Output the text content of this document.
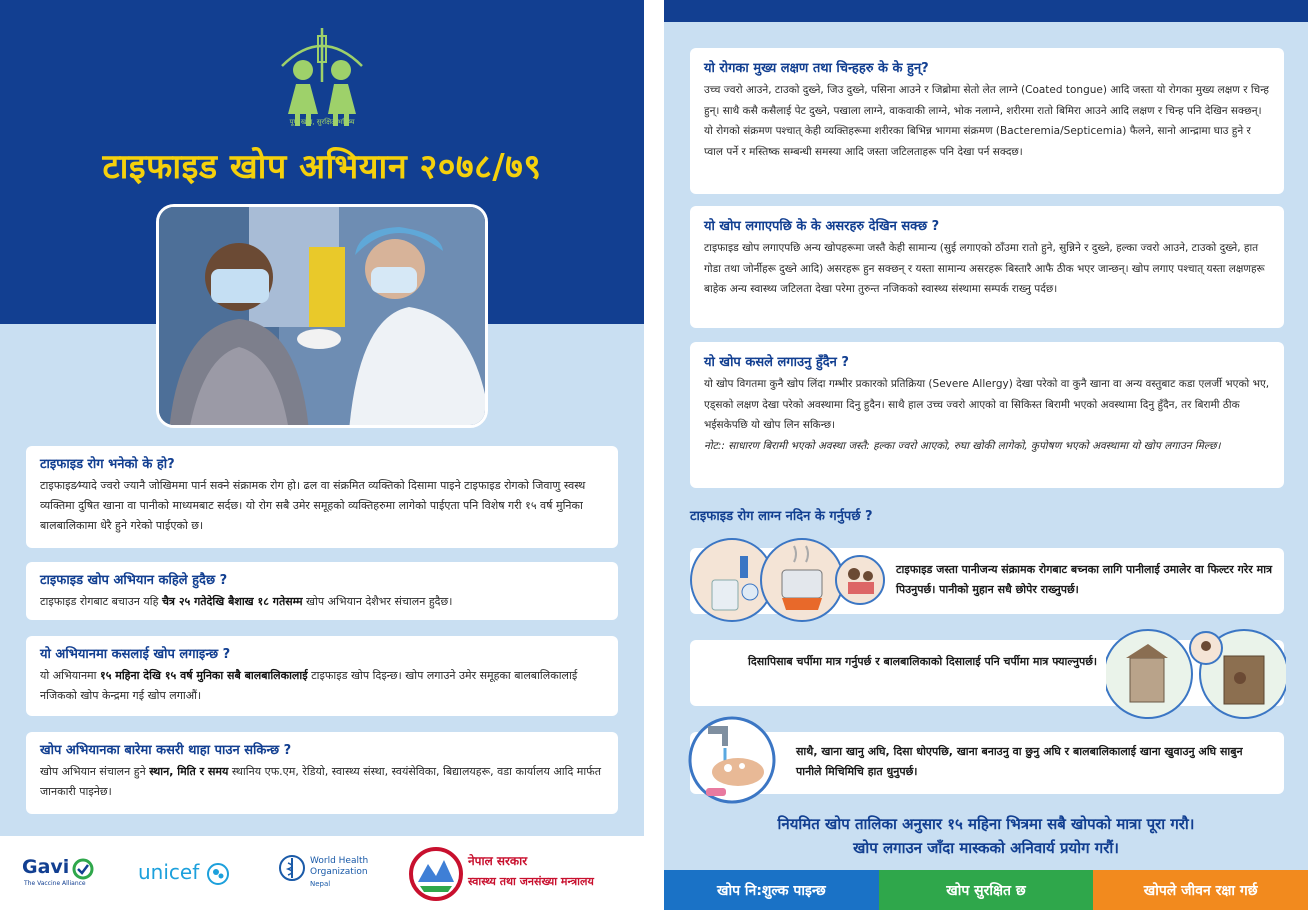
पूर्ण खोप, सुरक्षित भविष्य
टाइफाइड खोप अभियान २०७८/७९
टाइफाइड रोग भनेको के हो?

टाइफाइड⁄म्यादे ज्वरो ज्यानै जोखिममा पार्न सक्ने संक्रामक रोग हो। ढल वा संक्रमित व्यक्तिको दिसामा पाइने टाइफाइड रोगको जिवाणु स्वस्थ व्यक्तिमा दुषित खाना वा पानीको माध्यमबाट सर्दछ। यो रोग सबै उमेर समूहको व्यक्तिहरुमा लागेको पाईएता पनि विशेष गरी १५ वर्ष मुनिका बालबालिकामा धेरै हुने गरेको पाईएको छ।

टाइफाइड खोप अभियान कहिले हुदैछ ?

टाइफाइड रोगबाट बचाउन यहि चैत्र २५ गतेदेखि बैशाख १८ गतेसम्म खोप अभियान देशैभर संचालन हुदैछ।

यो अभियानमा कसलाई खोप लगाइन्छ ?

यो अभियानमा १५ महिना देखि १५ वर्ष मुनिका सबै बालबालिकालाई टाइफाइड खोप दिइन्छ। खोप लगाउने उमेर समूहका बालबालिकालाई नजिकको खोप केन्द्रमा गई खोप लगाऔं।

खोप अभियानका बारेमा कसरी थाहा पाउन सकिन्छ ?

खोप अभियान संचालन हुने स्थान, मिति र समय स्थानिय एफ.एम, रेडियो, स्वास्थ्य संस्था, स्वयंसेविका, बिद्यालयहरू, वडा कार्यालय आदि मार्फत जानकारी पाइनेछ।

Gavi
The Vaccine Alliance	unicef	World Health Organization
Nepal
नेपाल सरकार
स्वास्थ्य तथा जनसंख्या मन्त्रालय
यो रोगका मुख्य लक्षण तथा चिन्हहरु के के हुन्?

उच्च ज्वरो आउने, टाउको दुख्ने, जिउ दुख्ने, पसिना आउने र जिब्रोमा सेतो लेत लाग्ने (Coated tongue) आदि जस्ता यो रोगका मुख्य लक्षण र चिन्ह हुन्। साथै कसै कसैलाई पेट दुख्ने, पखाला लाग्ने, वाकवाकी लाग्ने, भोक नलाग्ने, शरीरमा रातो बिमिरा आउने आदि लक्षण र चिन्ह पनि देखिन सक्छन्। यो रोगको संक्रमण पश्चात् केही व्यक्तिहरूमा शरीरका बिभिन्न भागमा संक्रमण (Bacteremia/Septicemia) फैलने, सानो आन्द्रामा घाउ हुने र प्वाल पर्ने र मस्तिष्क सम्बन्धी समस्या आदि जस्ता जटिलताहरू पनि देखा पर्न सक्दछ।

यो खोप लगाएपछि के के असरहरु देखिन सक्छ ?

टाइफाइड खोप लगाएपछि अन्य खोपहरूमा जस्तै केही सामान्य (सुई लगाएको ठाँउमा रातो हुने, सुन्निने र दुख्ने, हल्का ज्वरो आउने, टाउको दुख्ने, हात गोडा तथा जोर्नीहरू दुख्ने आदि) असरहरू हुन सक्छन् र यस्ता सामान्य असरहरू बिस्तारै आफै ठीक भएर जान्छन्। खोप लगाए पश्चात् यस्ता लक्षणहरू बाहेक अन्य स्वास्थ्य जटिलता देखा परेमा तुरुन्त नजिकको स्वास्थ्य संस्थामा सम्पर्क राख्नु पर्दछ।

यो खोप कसले लगाउनु हुँदैन ?

यो खोप विगतमा कुनै खोप लिंदा गम्भीर प्रकारको प्रतिक्रिया (Severe Allergy) देखा परेको वा कुनै खाना वा अन्य वस्तुबाट कडा एलर्जी भएको भए, एड्सको लक्षण देखा परेको अवस्थामा दिनु हुदैन। साथै हाल उच्च ज्वरो आएको वा सिकिस्त बिरामी भएको अवस्थामा दिनु हुँदैन, तर बिरामी ठीक भईसकेपछि यो खोप लिन सकिन्छ।

नोट:: साधारण बिरामी भएको अवस्था जस्तै: हल्का ज्वरो आएको, रुघा खोकी लागेको, कुपोषण भएको अवस्थामा यो खोप लगाउन मिल्छ।

टाइफाइड रोग लाग्न नदिन के गर्नुपर्छ ?

टाइफाइड जस्ता पानीजन्य संक्रामक रोगबाट बच्नका लागि पानीलाई उमालेर वा फिल्टर गरेर मात्र पिउनुपर्छ। पानीको मुहान सधै छोपेर राख्नुपर्छ।

दिसापिसाब चर्पीमा मात्र गर्नुपर्छ र बालबालिकाको दिसालाई पनि चर्पीमा मात्र फ्याल्नुपर्छ।

साथै, खाना खानु अघि, दिसा धोएपछि, खाना बनाउनु वा छुनु अघि र बालबालिकालाई खाना खुवाउनु अघि साबुन पानीले मिचिमिचि हात धुनुपर्छ।

नियमित खोप तालिका अनुसार १५ महिना भित्रमा सबै खोपको मात्रा पूरा गरौ।
खोप लगाउन जाँदा मास्कको अनिवार्य प्रयोग गरौं।
खोप नि:शुल्क पाइन्छ	खोप सुरक्षित छ	खोपले जीवन रक्षा गर्छ
